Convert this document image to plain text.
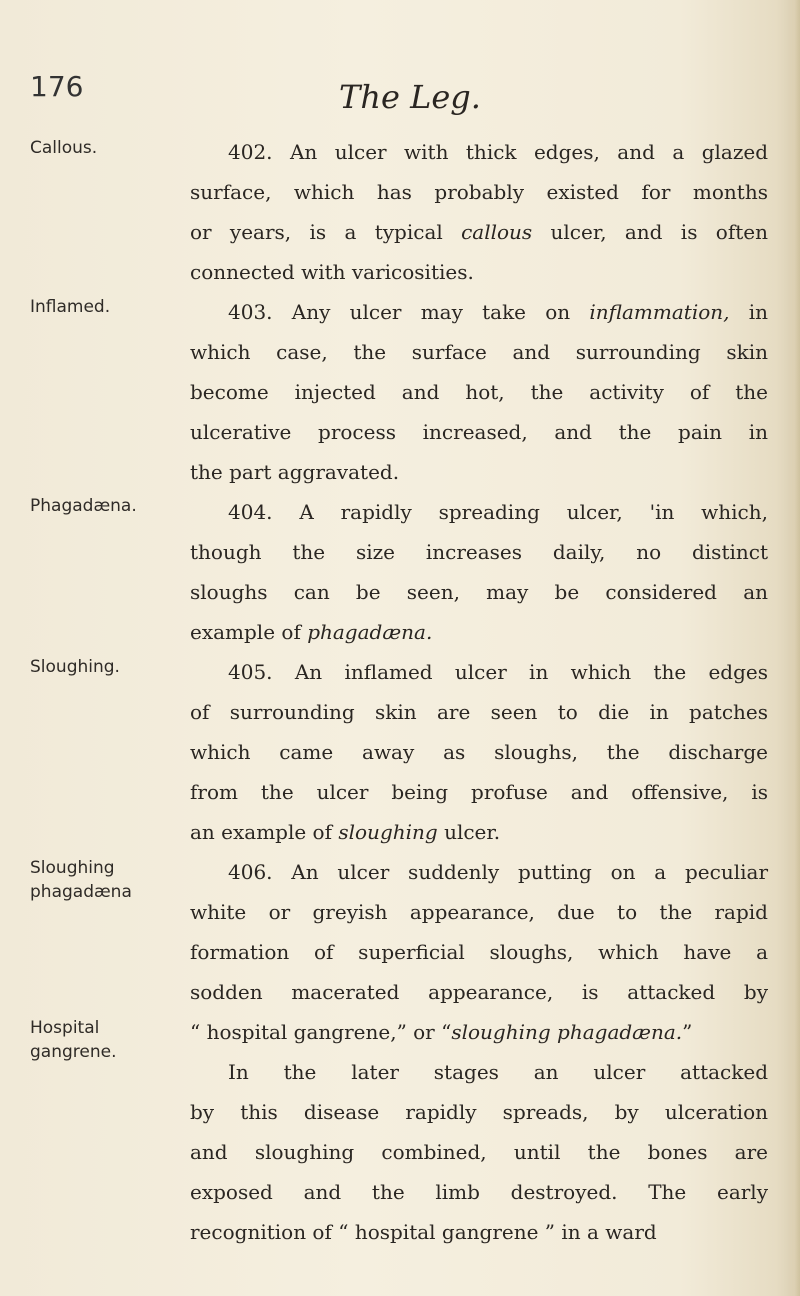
176	The Leg.
Callous.
Inflamed.
Phagadæna.
Sloughing.
Sloughing phagadæna
Hospital gangrene.
402. An ulcer with thick edges, and a glazed
surface, which has probably existed for months
or years, is a typical callous ulcer, and is often
connected with varicosities.
403. Any ulcer may take on inflammation, in
which case, the surface and surrounding skin
become injected and hot, the activity of the
ulcerative process increased, and the pain in
the part aggravated.
404. A rapidly spreading ulcer, 'in which,
though the size increases daily, no distinct
sloughs can be seen, may be considered an
example of phagadæna.
405. An inflamed ulcer in which the edges
of surrounding skin are seen to die in patches
which came away as sloughs, the discharge
from the ulcer being profuse and offensive, is
an example of sloughing ulcer.
406. An ulcer suddenly putting on a peculiar
white or greyish appearance, due to the rapid
formation of superficial sloughs, which have a
sodden macerated appearance, is attacked by
“ hospital gangrene,” or “sloughing phagadæna.”
In the later stages an ulcer attacked
by this disease rapidly spreads, by ulceration
and sloughing combined, until the bones are
exposed and the limb destroyed. The early
recognition of “ hospital gangrene ” in a ward
